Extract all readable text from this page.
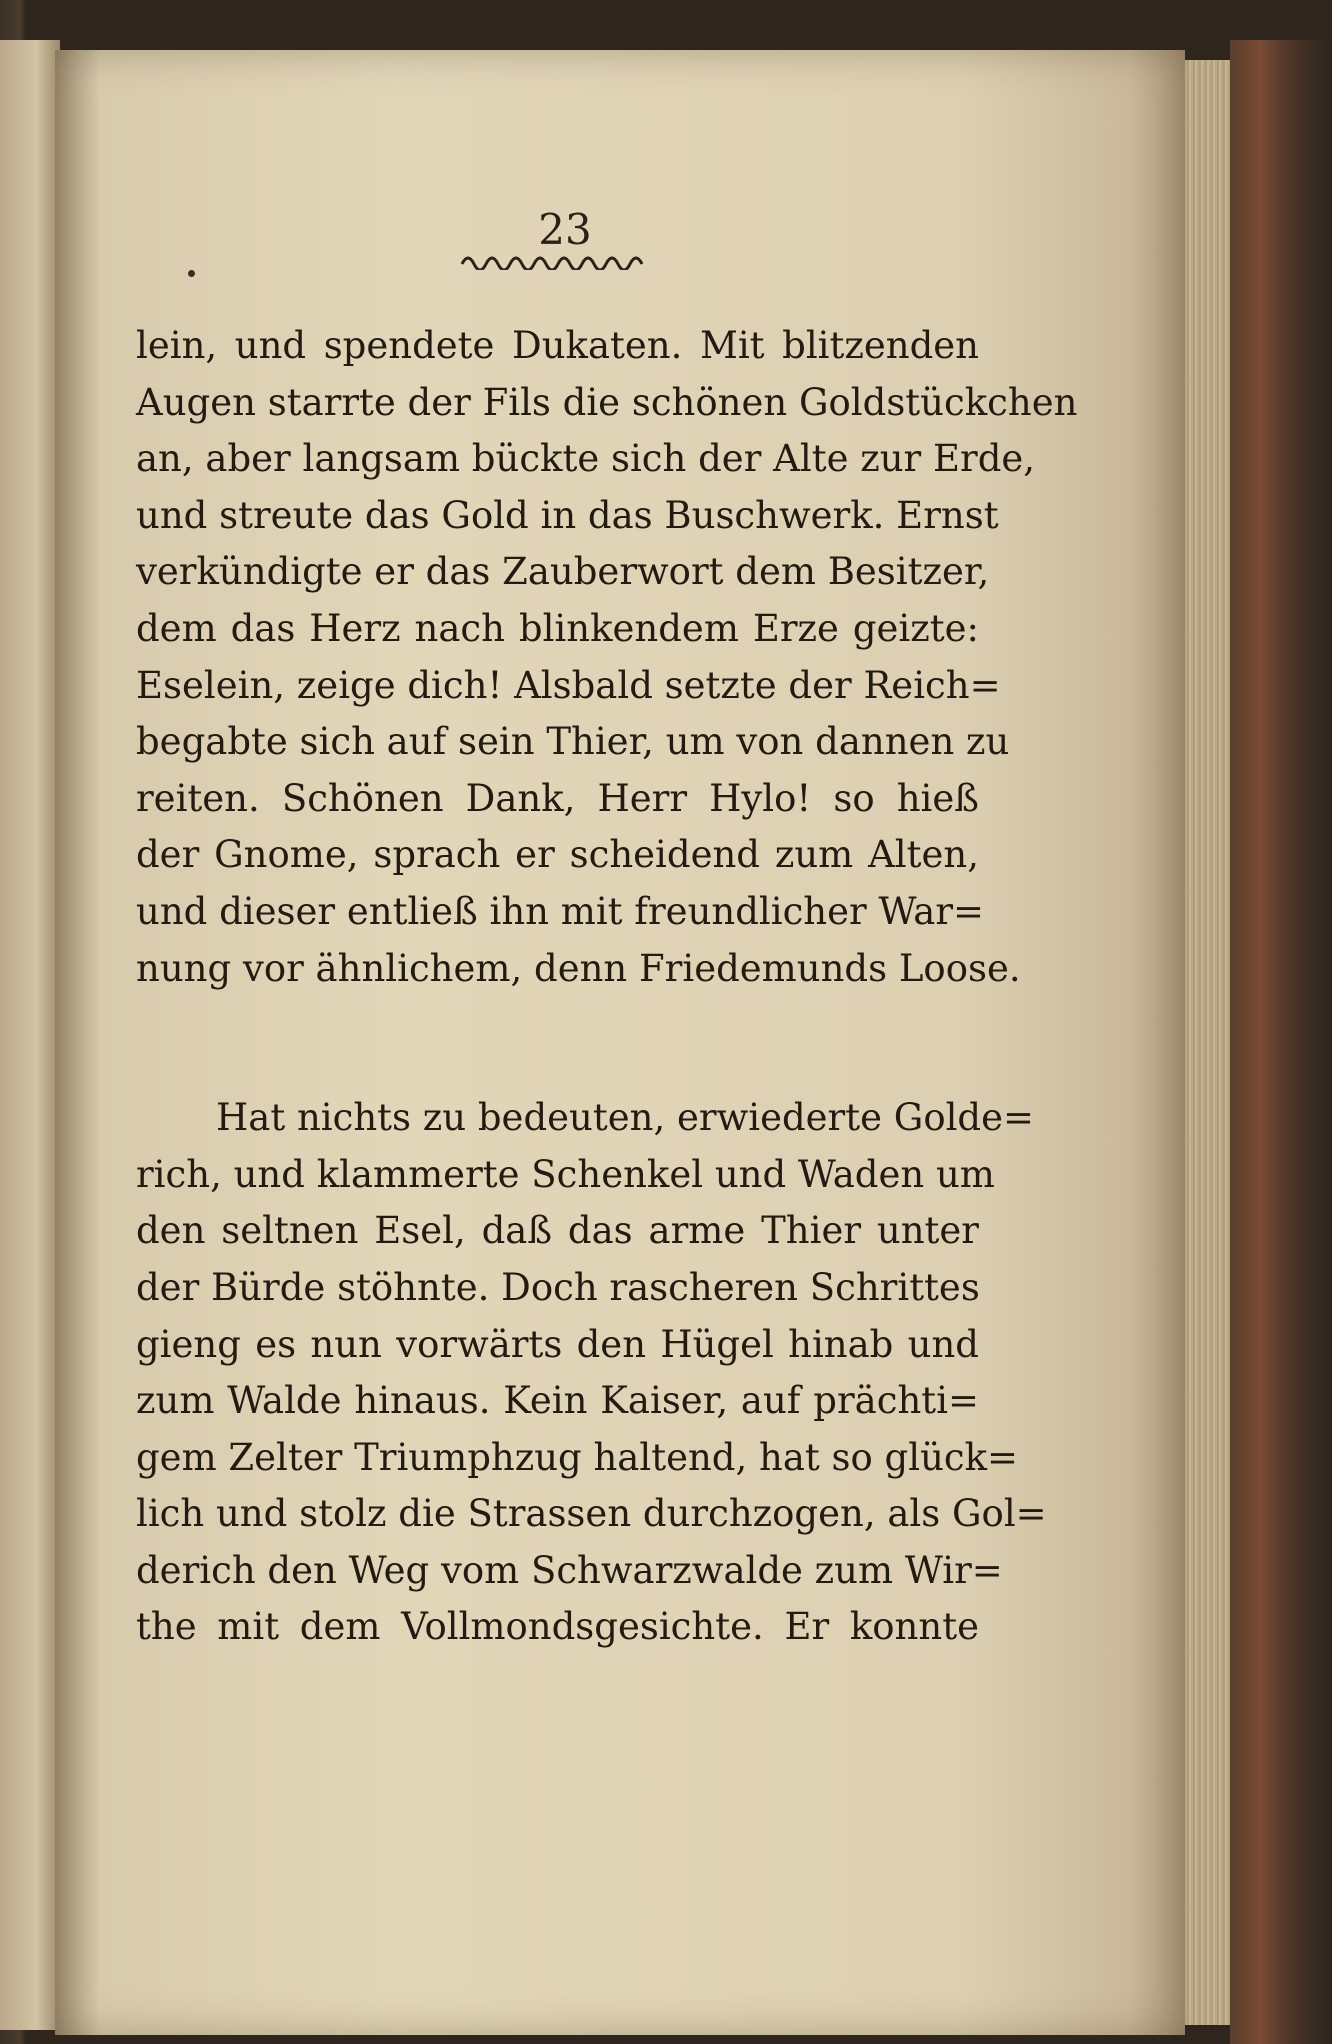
23
lein, und spendete Dukaten. Mit blitzenden
Augen starrte der Fils die schönen Goldstückchen
an, aber langsam bückte sich der Alte zur Erde,
und streute das Gold in das Buschwerk. Ernst
verkündigte er das Zauberwort dem Besitzer,
dem das Herz nach blinkendem Erze geizte:
Eselein, zeige dich! Alsbald setzte der Reich=
begabte sich auf sein Thier, um von dannen zu
reiten. Schönen Dank, Herr Hylo! so hieß
der Gnome, sprach er scheidend zum Alten,
und dieser entließ ihn mit freundlicher War=
nung vor ähnlichem, denn Friedemunds Loose.
Hat nichts zu bedeuten, erwiederte Golde=
rich, und klammerte Schenkel und Waden um
den seltnen Esel, daß das arme Thier unter
der Bürde stöhnte. Doch rascheren Schrittes
gieng es nun vorwärts den Hügel hinab und
zum Walde hinaus. Kein Kaiser, auf prächti=
gem Zelter Triumphzug haltend, hat so glück=
lich und stolz die Strassen durchzogen, als Gol=
derich den Weg vom Schwarzwalde zum Wir=
the mit dem Vollmondsgesichte. Er konnte
